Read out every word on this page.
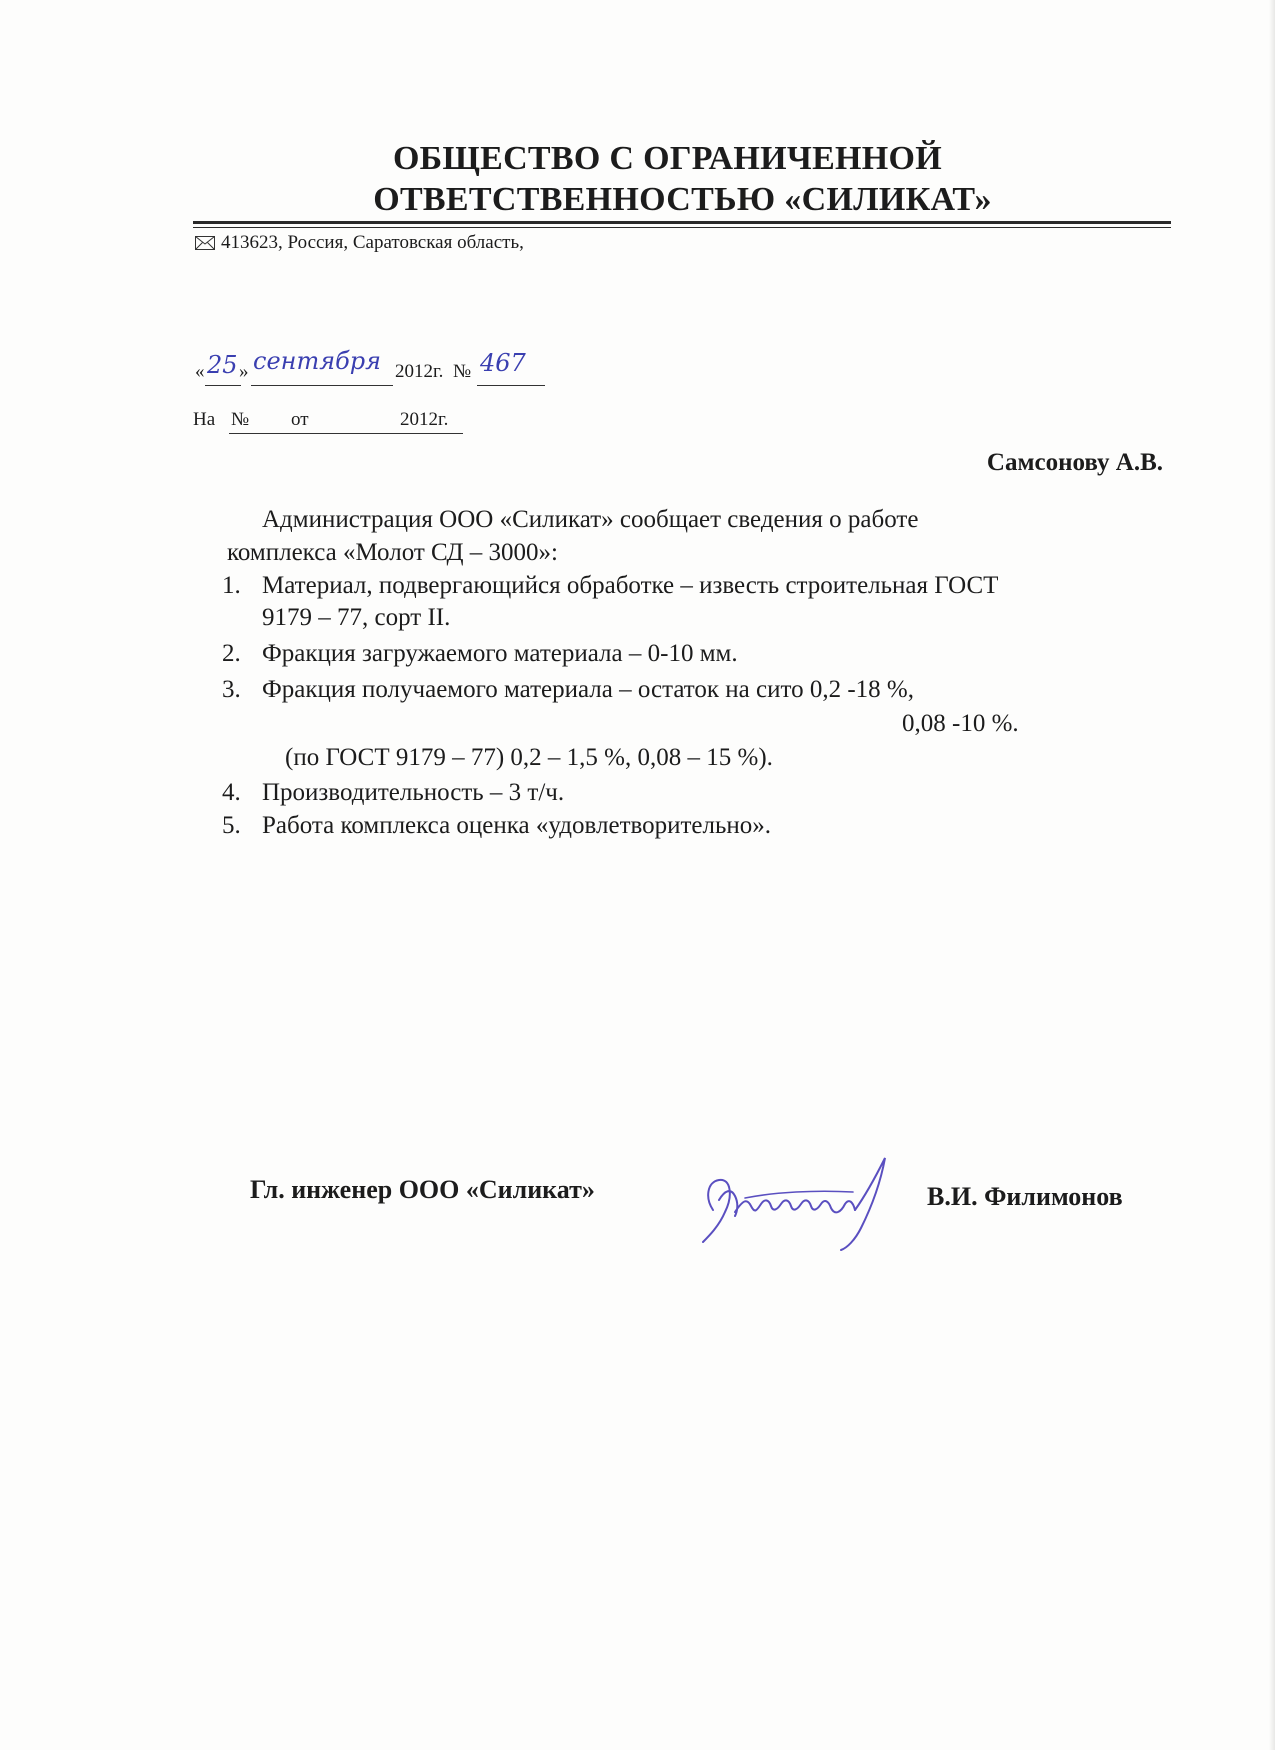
ОБЩЕСТВО С ОГРАНИЧЕННОЙ
ОТВЕТСТВЕННОСТЬЮ «СИЛИКАТ»
413623, Россия, Саратовская область,
« 25 » сентября 2012г. № 467
На № от	2012г.
Самсонову А.В.
Администрация ООО «Силикат» сообщает сведения о работе
комплекса «Молот СД – 3000»:
1. Материал, подвергающийся обработке – известь строительная ГОСТ
9179 – 77, сорт II.
2. Фракция загружаемого материала – 0-10 мм.
3. Фракция получаемого материала – остаток на сито 0,2 -18 %,
0,08 -10 %.
(по ГОСТ 9179 – 77) 0,2 – 1,5 %, 0,08 – 15 %).
4. Производительность – 3 т/ч.
5. Работа комплекса оценка «удовлетворительно».
Гл. инженер ООО «Силикат»	В.И. Филимонов
